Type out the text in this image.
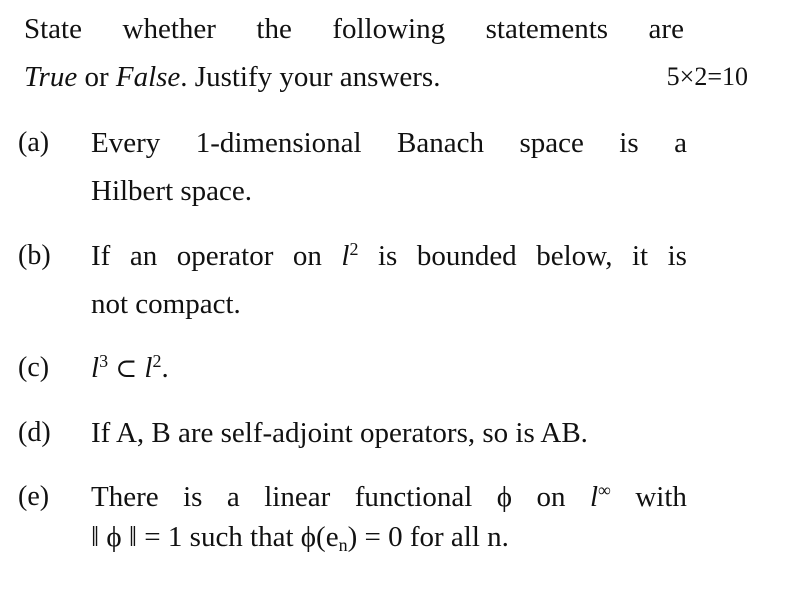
State whether the following statements are
True or False. Justify your answers.	5×2=10
(a) Every 1-dimensional Banach space is a
Hilbert space.
(b) If an operator on $l^2$ is bounded below, it is
not compact.
(c) $l^3$ ⊂ $l^2$.
(d) If A, B are self-adjoint operators, so is AB.
(e) There is a linear functional ϕ on l∞ with
‖ ϕ ‖ = 1 such that $\phi(e_n) = 0$ for all n.
